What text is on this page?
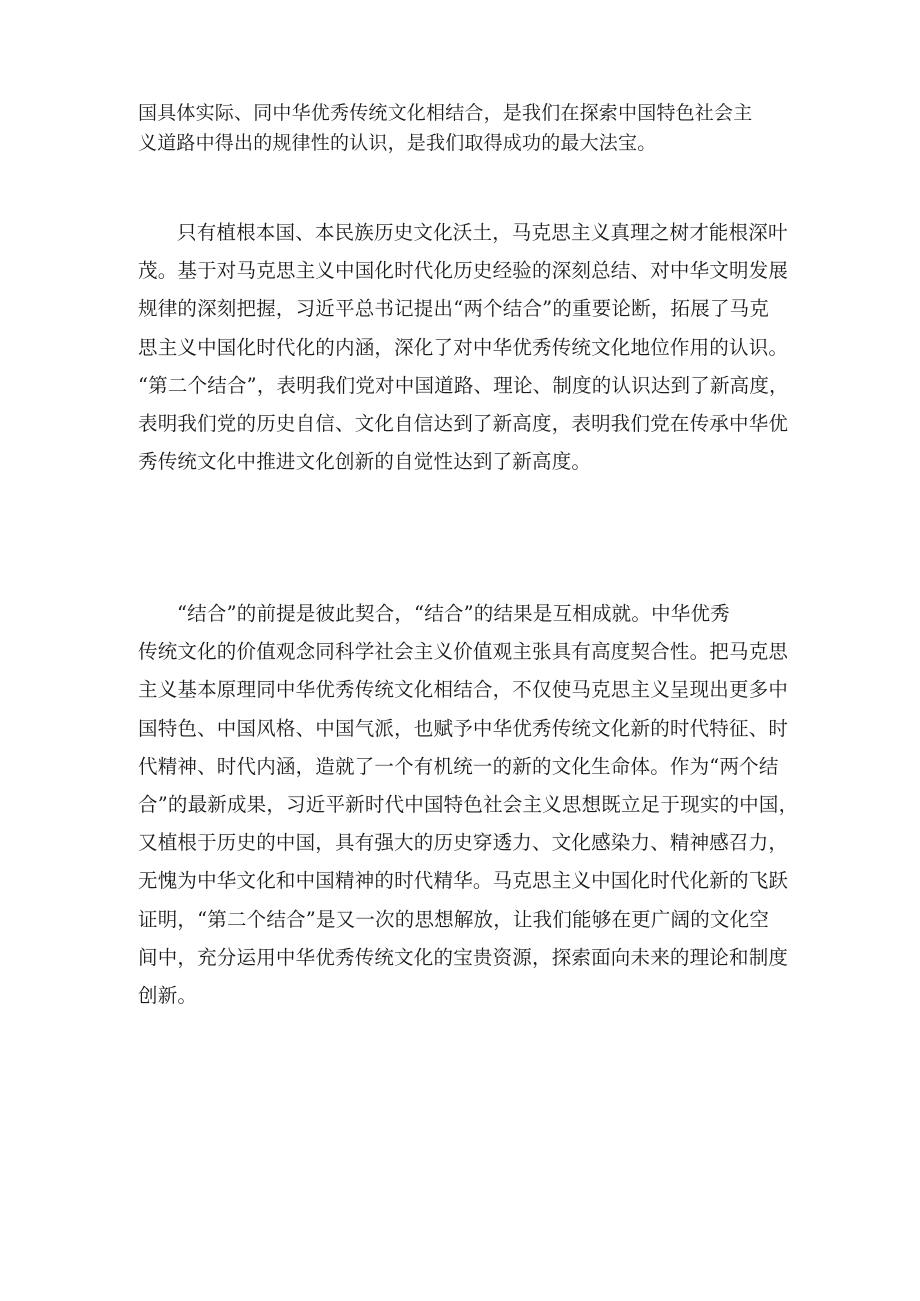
国具体实际、同中华优秀传统文化相结合，是我们在探索中国特色社会主
义道路中得出的规律性的认识，是我们取得成功的最大法宝。

只有植根本国、本民族历史文化沃土，马克思主义真理之树才能根深叶
茂。基于对马克思主义中国化时代化历史经验的深刻总结、对中华文明发展
规律的深刻把握，习近平总书记提出“两个结合”的重要论断，拓展了马克
思主义中国化时代化的内涵，深化了对中华优秀传统文化地位作用的认识。
“第二个结合”，表明我们党对中国道路、理论、制度的认识达到了新高度，
表明我们党的历史自信、文化自信达到了新高度，表明我们党在传承中华优
秀传统文化中推进文化创新的自觉性达到了新高度。

“结合”的前提是彼此契合，“结合”的结果是互相成就。中华优秀
传统文化的价值观念同科学社会主义价值观主张具有高度契合性。把马克思
主义基本原理同中华优秀传统文化相结合，不仅使马克思主义呈现出更多中
国特色、中国风格、中国气派，也赋予中华优秀传统文化新的时代特征、时
代精神、时代内涵，造就了一个有机统一的新的文化生命体。作为“两个结
合”的最新成果，习近平新时代中国特色社会主义思想既立足于现实的中国，
又植根于历史的中国，具有强大的历史穿透力、文化感染力、精神感召力，
无愧为中华文化和中国精神的时代精华。马克思主义中国化时代化新的飞跃
证明，“第二个结合”是又一次的思想解放，让我们能够在更广阔的文化空
间中，充分运用中华优秀传统文化的宝贵资源，探索面向未来的理论和制度
创新。
